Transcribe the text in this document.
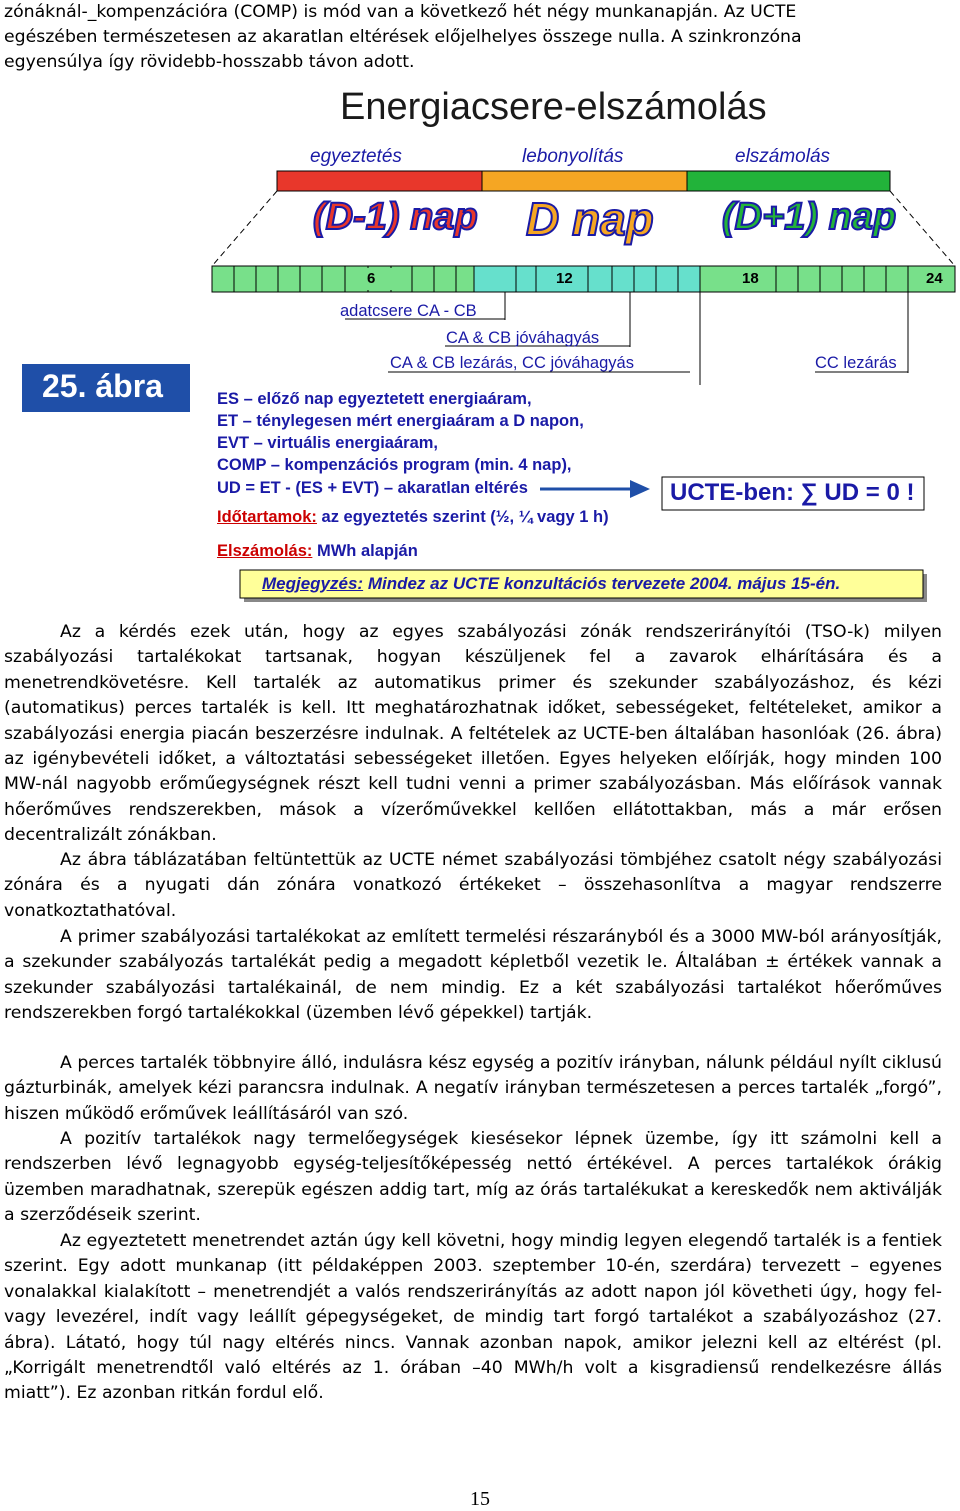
zónáknál-_kompenzációra (COMP) is mód van a következő hét négy munkanapján. Az UCTE

egészében természetesen az akaratlan eltérések előjelhelyes összege nulla. A szinkronzóna

egyensúlya így rövidebb-hosszabb távon adott.

Energiacsere-elszámolás
egyeztetés	lebonyolítás	elszámolás
(D-1) nap D nap (D+1) nap
6	12	18	24
adatcsere CA - CB
CA & CB jóváhagyás
CA & CB lezárás, CC jóváhagyás	CC lezárás
25. ábra	ES – előző nap egyeztetett energiaáram,
ET – ténylegesen mért energiaáram a D napon,
EVT – virtuális energiaáram,
COMP – kompenzációs program (min. 4 nap),
UD = ET - (ES + EVT) – akaratlan eltérés	UCTE-ben: ∑ UD = 0 !
Időtartamok: az egyeztetés szerint (½, ¼ vagy 1 h)
Elszámolás: MWh alapján
Megjegyzés: Mindez az UCTE konzultációs tervezete 2004. május 15-én.

Az a kérdés ezek után, hogy az egyes szabályozási zónák rendszerirányítói (TSO-k) milyen szabályozási tartalékokat tartsanak, hogyan készüljenek fel a zavarok elhárítására és a menetrendkövetésre. Kell tartalék az automatikus primer és szekunder szabályozáshoz, és kézi (automatikus) perces tartalék is kell. Itt meghatározhatnak időket, sebességeket, feltételeket, amikor a szabályozási energia piacán beszerzésre indulnak. A feltételek az UCTE-ben általában hasonlóak (26. ábra) az igénybevételi időket, a változtatási sebességeket illetően. Egyes helyeken előírják, hogy minden 100 MW-nál nagyobb erőműegységnek részt kell tudni venni a primer szabályozásban. Más előírások vannak hőerőműves rendszerekben, mások a vízerőművekkel kellően ellátottakban, más a már erősen decentralizált zónákban.

Az ábra táblázatában feltüntettük az UCTE német szabályozási tömbjéhez csatolt négy szabályozási zónára és a nyugati dán zónára vonatkozó értékeket – összehasonlítva a magyar rendszerre vonatkoztathatóval.

A primer szabályozási tartalékokat az említett termelési részarányból és a 3000 MW-ból arányosítják, a szekunder szabályozás tartalékát pedig a megadott képletből vezetik le. Általában ± értékek vannak a szekunder szabályozási tartalékainál, de nem mindig. Ez a két szabályozási tartalékot hőerőműves rendszerekben forgó tartalékokkal (üzemben lévő gépekkel) tartják.

A perces tartalék többnyire álló, indulásra kész egység a pozitív irányban, nálunk például nyílt ciklusú gázturbinák, amelyek kézi parancsra indulnak. A negatív irányban természetesen a perces tartalék „forgó”, hiszen működő erőművek leállításáról van szó.

A pozitív tartalékok nagy termelőegységek kiesésekor lépnek üzembe, így itt számolni kell a rendszerben lévő legnagyobb egység-teljesítőképesség nettó értékével. A perces tartalékok órákig üzemben maradhatnak, szerepük egészen addig tart, míg az órás tartalékukat a kereskedők nem aktiválják a szerződéseik szerint.

Az egyeztetett menetrendet aztán úgy kell követni, hogy mindig legyen elegendő tartalék is a fentiek szerint. Egy adott munkanap (itt példaképpen 2003. szeptember 10-én, szerdára) tervezett – egyenes vonalakkal kialakított – menetrendjét a valós rendszerirányítás az adott napon jól követheti úgy, hogy fel- vagy levezérel, indít vagy leállít gépegységeket, de mindig tart forgó tartalékot a szabályozáshoz (27. ábra). Látató, hogy túl nagy eltérés nincs. Vannak azonban napok, amikor jelezni kell az eltérést (pl. „Korrigált menetrendtől való eltérés az 1. órában –40 MWh/h volt a kisgradiensű rendelkezésre állás miatt”). Ez azonban ritkán fordul elő.

15
